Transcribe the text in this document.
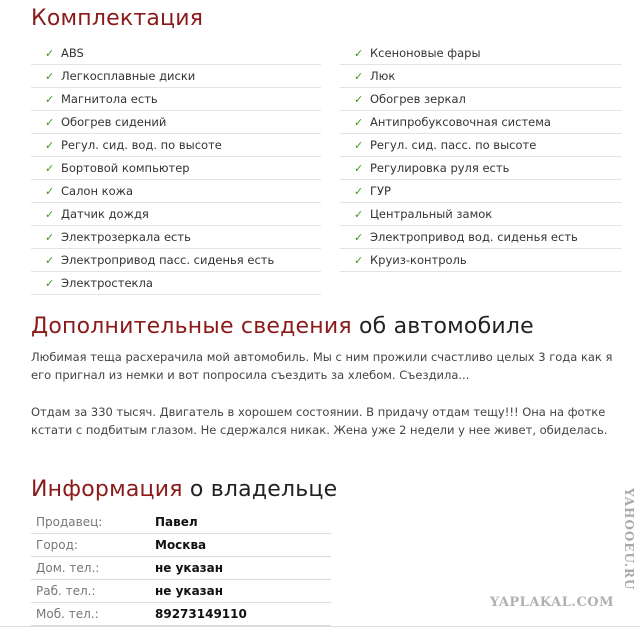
Комплектация
✓ ABS
✓ Легкосплавные диски
✓ Магнитола есть
✓ Обогрев сидений
✓ Регул. сид. вод. по высоте
✓ Бортовой компьютер
✓ Салон кожа
✓ Датчик дождя
✓ Электрозеркала есть
✓ Электропривод пасс. сиденья есть
✓ Электростекла
✓ Ксеноновые фары
✓ Люк
✓ Обогрев зеркал
✓ Антипробуксовочная система
✓ Регул. сид. пасс. по высоте
✓ Регулировка руля есть
✓ ГУР
✓ Центральный замок
✓ Электропривод вод. сиденья есть
✓ Круиз-контроль
Дополнительные сведения об автомобиле

Любимая теща расхерачила мой автомобиль. Мы с ним прожили счастливо целых 3 года как я его пригнал из немки и вот попросила съездить за хлебом. Съездила...

Отдам за 330 тысяч. Двигатель в хорошем состоянии. В придачу отдам тещу!!! Она на фотке кстати с подбитым глазом. Не сдержался никак. Жена уже 2 недели у нее живет, обиделась.

Информация о владельце
Продавец:	Павел
Город:	Москва
Дом. тел.:	не указан
Раб. тел.:	не указан
Моб. тел.:	89273149110
YAHOOEU.RU
YAPLAKAL.COM
